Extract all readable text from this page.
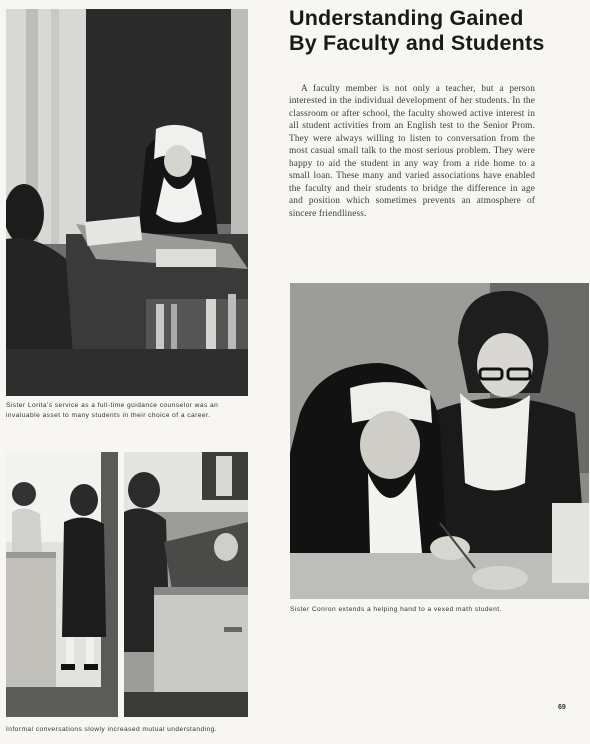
Sister Lorita's service as a full-time guidance counselor was an invaluable asset to many students in their choice of a career.

Understanding Gained
By Faculty and Students

A faculty member is not only a teacher, but a person interested in the individual development of her students. In the classroom or after school, the faculty showed active interest in all student activities from an English test to the Senior Prom. They were always willing to listen to conversation from the most casual small talk to the most serious problem. They were happy to aid the student in any way from a ride home to a small loan. These many and varied associations have enabled the faculty and their students to bridge the difference in age and position which sometimes prevents an atmosphere of sincere friendliness.

Sister Conron extends a helping hand to a vexed math student.

Informal conversations slowly increased mutual understanding.

69
